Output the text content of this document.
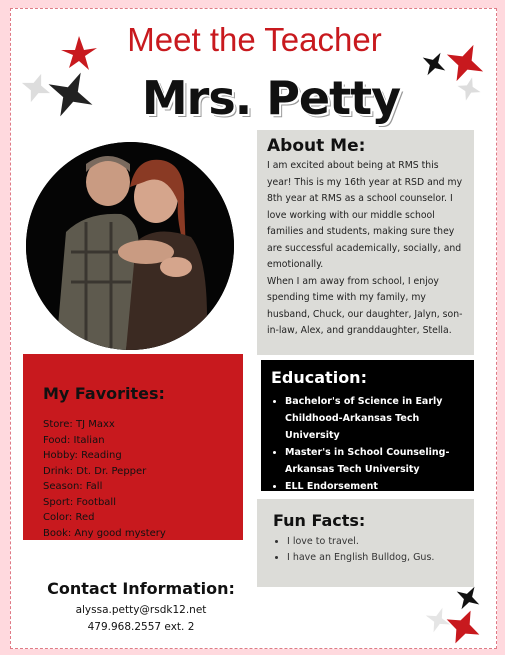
Meet the Teacher
Mrs. Petty
About Me:

I am excited about being at RMS this year! This is my 16th year at RSD and my 8th year at RMS as a school counselor. I love working with our middle school families and students, making sure they are successful academically, socially, and emotionally.

When I am away from school, I enjoy spending time with my family, my husband, Chuck, our daughter, Jalyn, son-in-law, Alex, and granddaughter, Stella.

My Favorites:
Store: TJ Maxx
Food: Italian
Hobby: Reading
Drink: Dt. Dr. Pepper
Season: Fall
Sport: Football
Color: Red
Book: Any good mystery
Education:
• Bachelor's of Science in Early Childhood-Arkansas Tech University
• Master's in School Counseling-Arkansas Tech University
• ELL Endorsement
Fun Facts:
• I love to travel.
• I have an English Bulldog, Gus.
Contact Information:
alyssa.petty@rsdk12.net
479.968.2557 ext. 2
